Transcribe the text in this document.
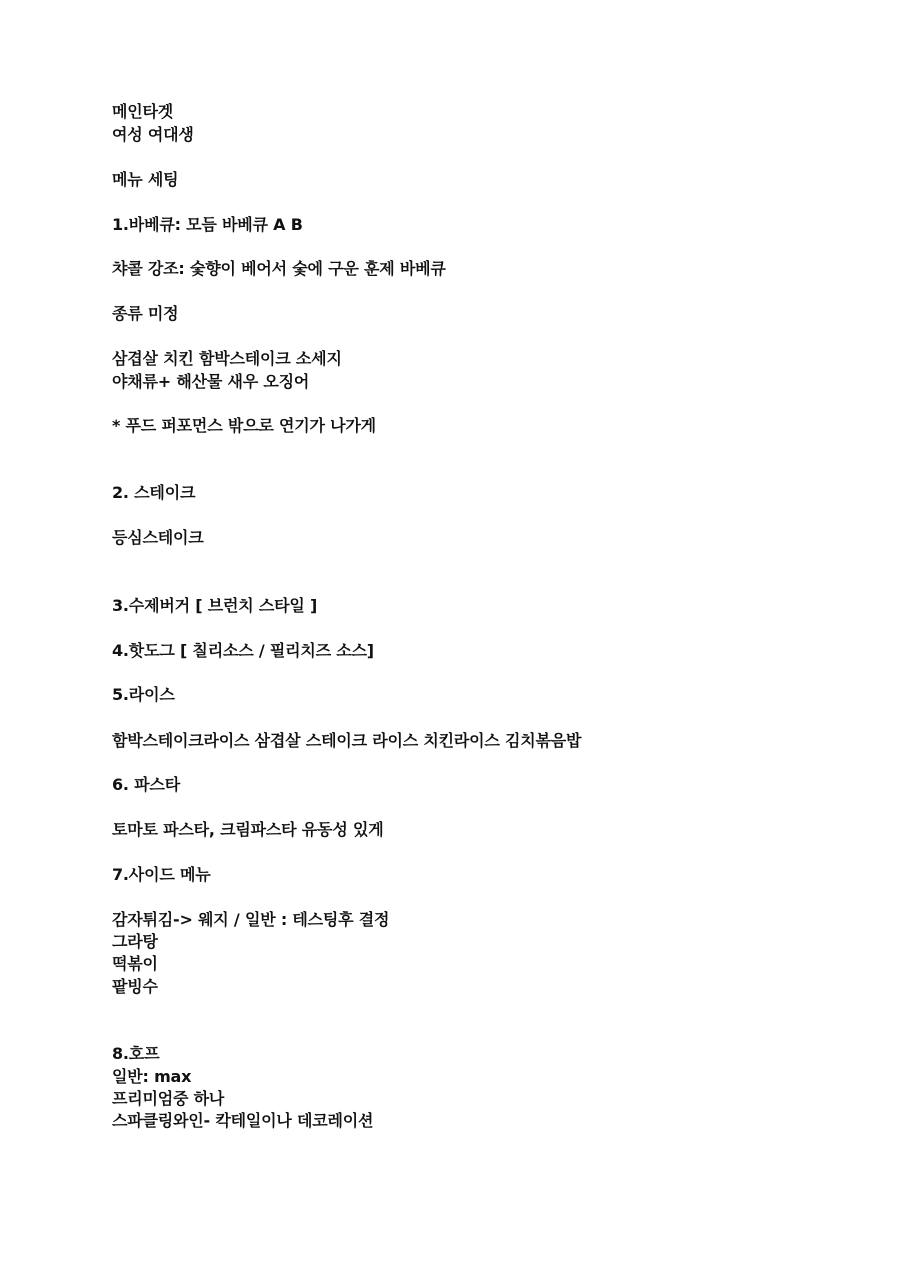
메인타겟

여성 여대생

메뉴 세팅

1.바베큐: 모듬 바베큐 A B

챠콜 강조: 숯향이 베어서 숯에 구운 훈제 바베큐

종류 미정

삼겹살 치킨 함박스테이크 소세지

야채류+ 해산물 새우 오징어

* 푸드 퍼포먼스 밖으로 연기가 나가게

2. 스테이크

등심스테이크

3.수제버거 [ 브런치 스타일 ]

4.핫도그 [ 칠리소스 / 필리치즈 소스]

5.라이스

함박스테이크라이스 삼겹살 스테이크 라이스 치킨라이스 김치볶음밥

6. 파스타

토마토 파스타, 크림파스타 유동성 있게

7.사이드 메뉴

감자튀김-> 웨지 / 일반 : 테스팅후 결정

그라탕

떡볶이

팥빙수

8.호프

일반: max

프리미엄중 하나

스파클링와인- 칵테일이나 데코레이션
